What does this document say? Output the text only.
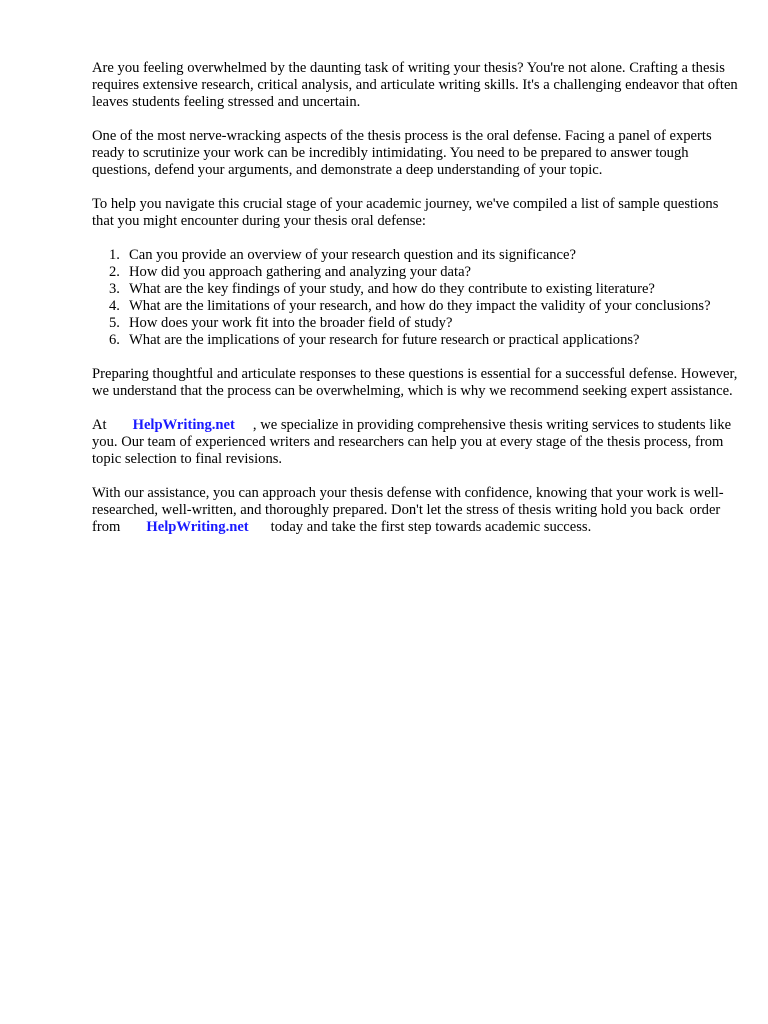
Are you feeling overwhelmed by the daunting task of writing your thesis? You're not alone. Crafting a thesis requires extensive research, critical analysis, and articulate writing skills. It's a challenging endeavor that often leaves students feeling stressed and uncertain.

One of the most nerve-wracking aspects of the thesis process is the oral defense. Facing a panel of experts ready to scrutinize your work can be incredibly intimidating. You need to be prepared to answer tough questions, defend your arguments, and demonstrate a deep understanding of your topic.

To help you navigate this crucial stage of your academic journey, we've compiled a list of sample questions that you might encounter during your thesis oral defense:

1. Can you provide an overview of your research question and its significance?
2. How did you approach gathering and analyzing your data?
3. What are the key findings of your study, and how do they contribute to existing literature?
4. What are the limitations of your research, and how do they impact the validity of your conclusions?
5. How does your work fit into the broader field of study?
6. What are the implications of your research for future research or practical applications?

Preparing thoughtful and articulate responses to these questions is essential for a successful defense. However, we understand that the process can be overwhelming, which is why we recommend seeking expert assistance.

At HelpWriting.net , we specialize in providing comprehensive thesis writing services to students like you. Our team of experienced writers and researchers can help you at every stage of the thesis process, from topic selection to final revisions.

With our assistance, you can approach your thesis defense with confidence, knowing that your work is well-researched, well-written, and thoroughly prepared. Don't let the stress of thesis writing hold you back order from HelpWriting.net today and take the first step towards academic success.
